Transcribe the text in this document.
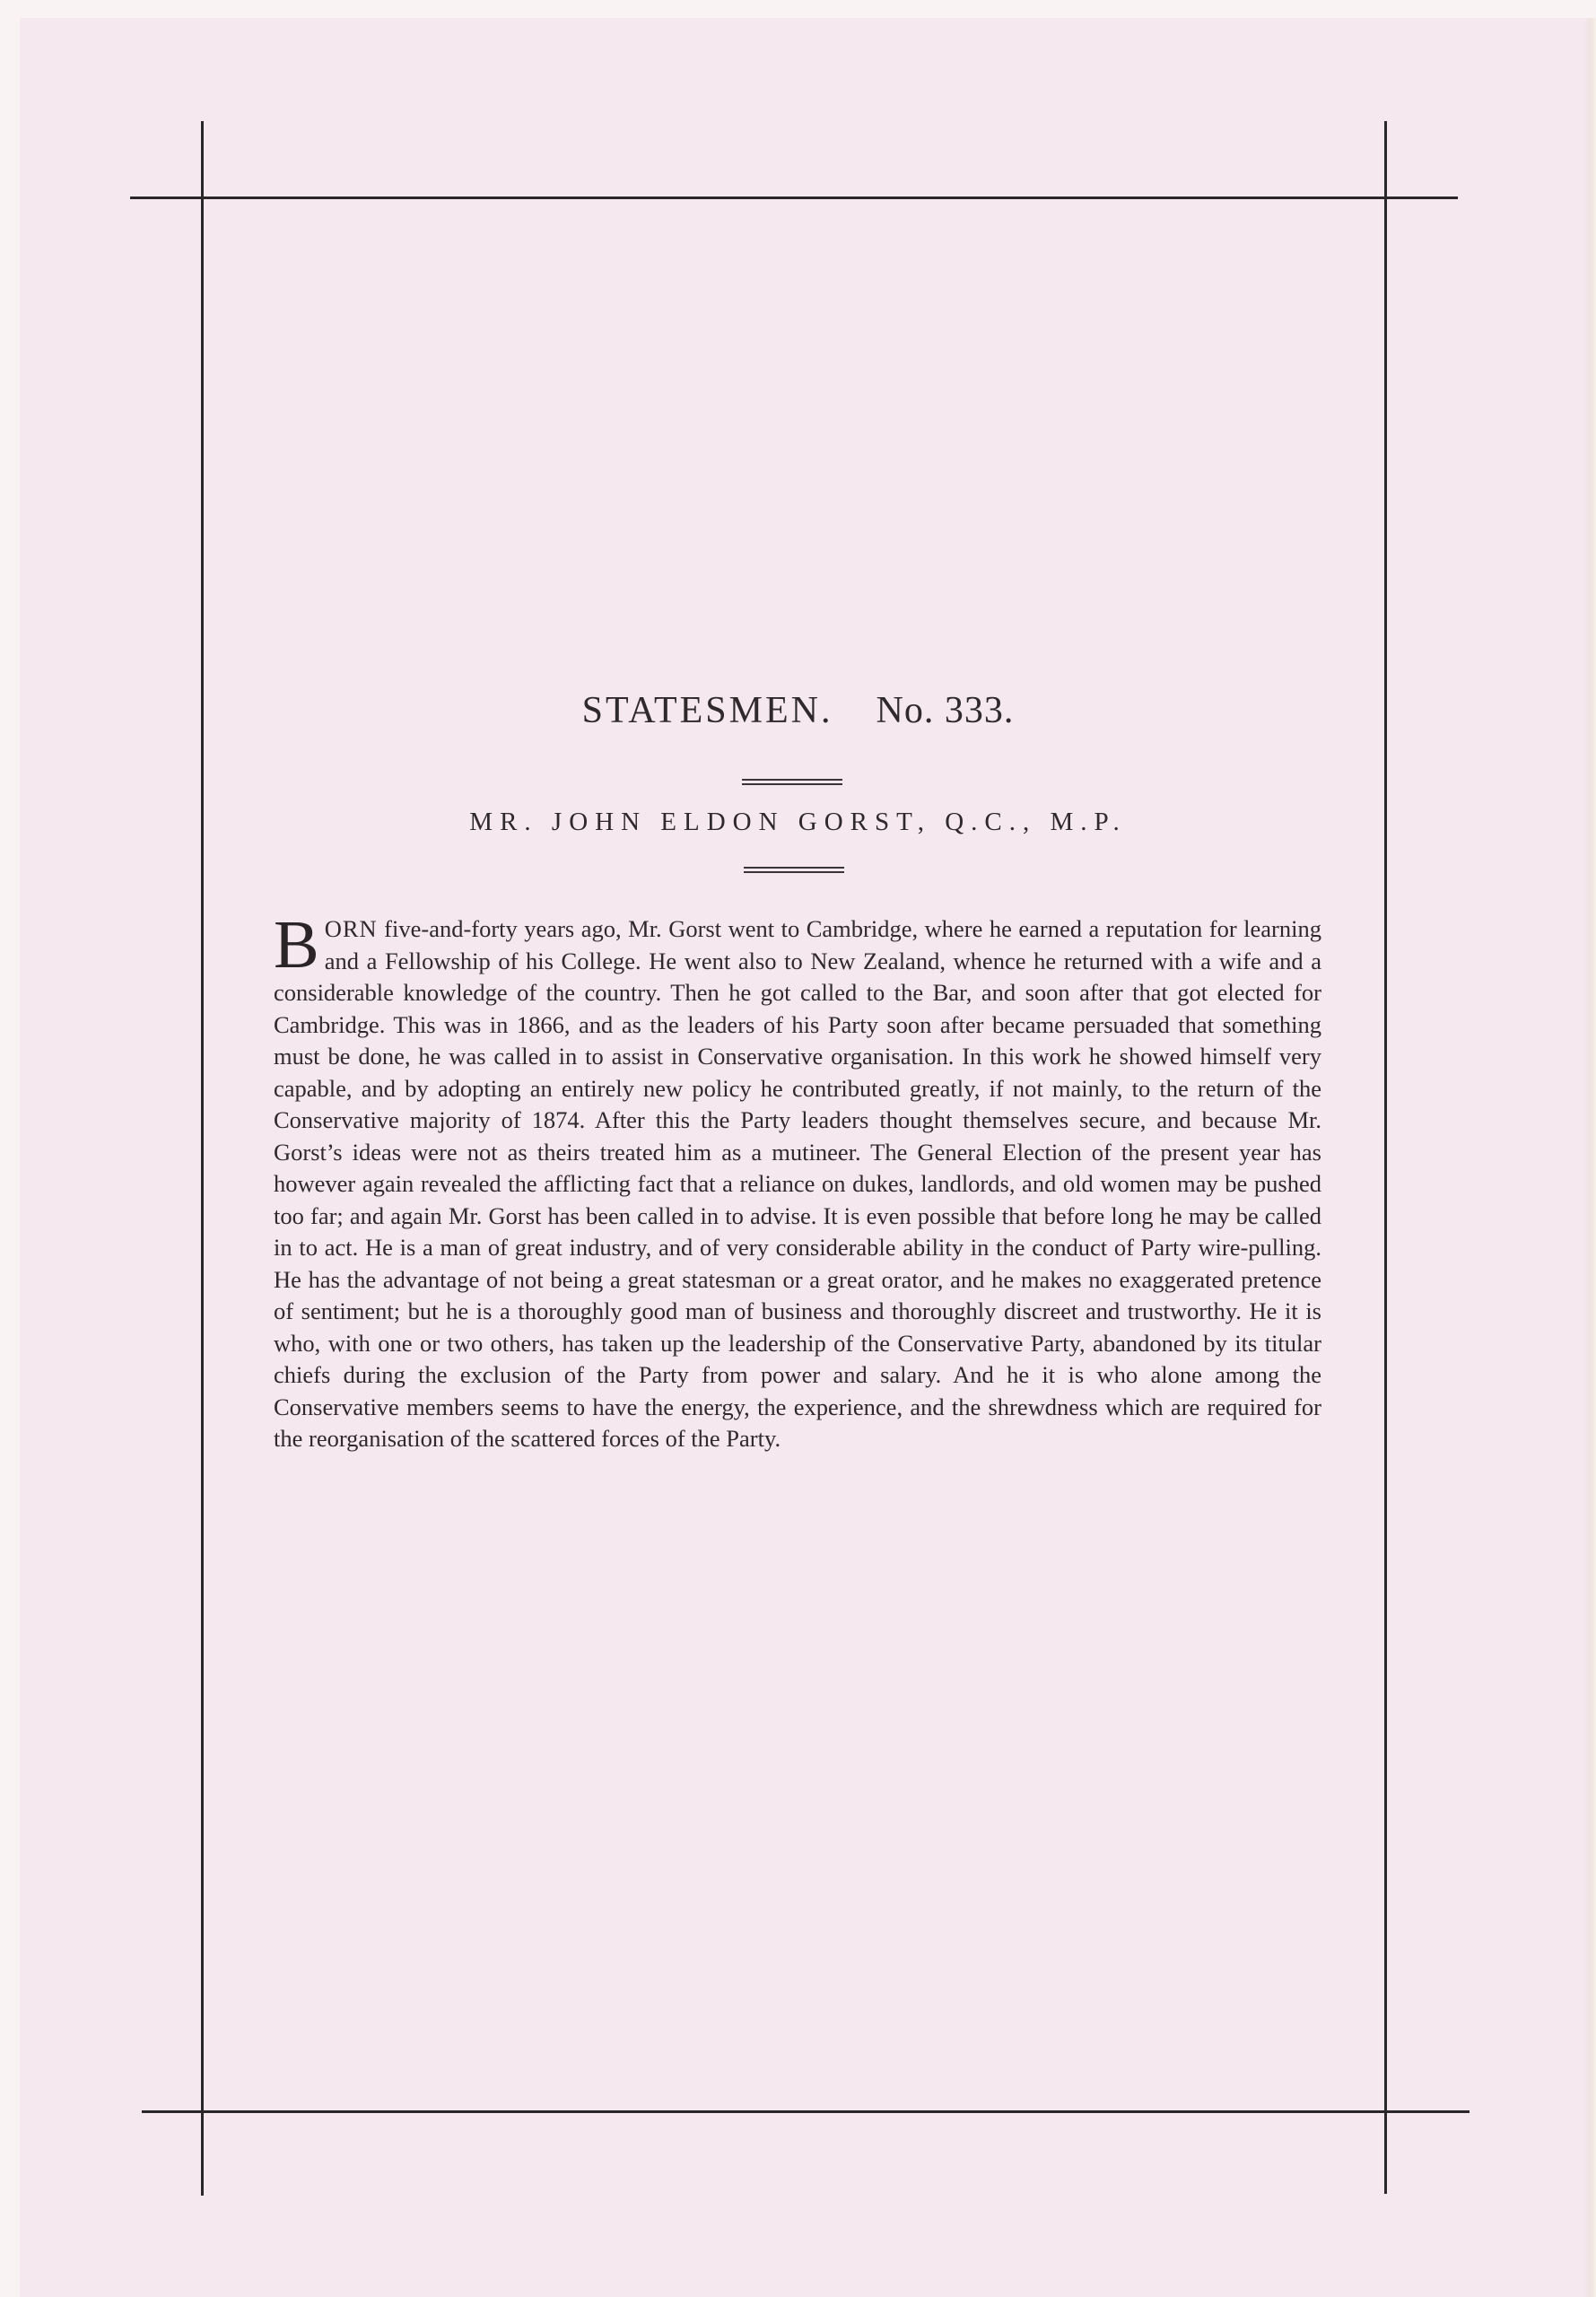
STATESMEN. No. 333.
MR. JOHN ELDON GORST, Q.C., M.P.
BORN five-and-forty years ago, Mr. Gorst went to Cambridge, where he earned a reputation for learning and a Fellowship of his College. He went also to New Zealand, whence he returned with a wife and a considerable knowledge of the country. Then he got called to the Bar, and soon after that got elected for Cambridge. This was in 1866, and as the leaders of his Party soon after became persuaded that something must be done, he was called in to assist in Conservative organisation. In this work he showed himself very capable, and by adopting an entirely new policy he contributed greatly, if not mainly, to the return of the Conservative majority of 1874. After this the Party leaders thought themselves secure, and because Mr. Gorst’s ideas were not as theirs treated him as a mutineer. The General Election of the present year has however again revealed the afflicting fact that a reliance on dukes, landlords, and old women may be pushed too far; and again Mr. Gorst has been called in to advise. It is even possible that before long he may be called in to act. He is a man of great industry, and of very considerable ability in the conduct of Party wire-pulling. He has the advantage of not being a great statesman or a great orator, and he makes no exaggerated pretence of sentiment; but he is a thoroughly good man of business and thoroughly discreet and trustworthy. He it is who, with one or two others, has taken up the leadership of the Conservative Party, abandoned by its titular chiefs during the exclusion of the Party from power and salary. And he it is who alone among the Conservative members seems to have the energy, the experience, and the shrewdness which are required for the reorganisation of the scattered forces of the Party.
